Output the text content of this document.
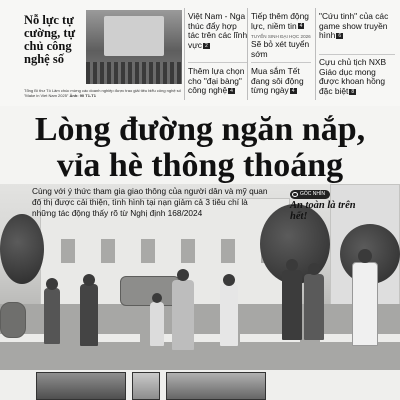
Nỗ lực tự cường, tự chủ công nghệ số
Tổng Bí thư Tô Lâm chúc mừng các doanh nghiệp được trao giải tiêu biểu công nghệ số "Make in Viet Nam 2025" Ảnh: 90 T1-T1
Việt Nam - Nga thúc đẩy hợp tác trên các lĩnh vực 2
Thêm lựa chọn cho "đại bàng" công nghệ 4
Tiếp thêm động lực, niềm tin 4
TUYỂN SINH ĐẠI HỌC 2026
Sẽ bỏ xét tuyển sớm
Mua sắm Tết đang sôi động từng ngày 4
"Cứu tinh" của các game show truyền hình 6
Cựu chủ tịch NXB Giáo dục mong được khoan hồng đặc biệt 8
Lòng đường ngăn nắp,
vỉa hè thông thoáng
Cùng với ý thức tham gia giao thông của người dân và mỹ quan đô thị được cải thiện, tình hình tại nạn giảm cả 3 tiêu chí là những tác động thấy rõ từ Nghị định 168/2024
GÓC NHÌN
An toàn là trên hết!
